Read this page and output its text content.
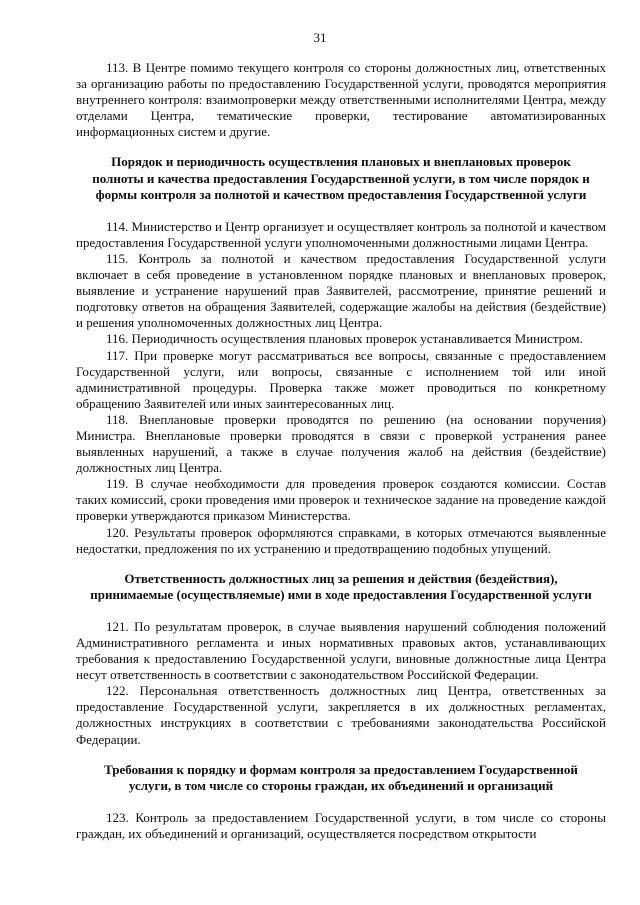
31

113. В Центре помимо текущего контроля со стороны должностных лиц, ответственных за организацию работы по предоставлению Государственной услуги, проводятся мероприятия внутреннего контроля: взаимопроверки между ответственными исполнителями Центра, между отделами Центра, тематические проверки, тестирование автоматизированных информационных систем и другие.

Порядок и периодичность осуществления плановых и внеплановых проверок полноты и качества предоставления Государственной услуги, в том числе порядок и формы контроля за полнотой и качеством предоставления Государственной услуги

114. Министерство и Центр организует и осуществляет контроль за полнотой и качеством предоставления Государственной услуги уполномоченными должностными лицами Центра.

115. Контроль за полнотой и качеством предоставления Государственной услуги включает в себя проведение в установленном порядке плановых и внеплановых проверок, выявление и устранение нарушений прав Заявителей, рассмотрение, принятие решений и подготовку ответов на обращения Заявителей, содержащие жалобы на действия (бездействие) и решения уполномоченных должностных лиц Центра.

116. Периодичность осуществления плановых проверок устанавливается Министром.

117. При проверке могут рассматриваться все вопросы, связанные с предоставлением Государственной услуги, или вопросы, связанные с исполнением той или иной административной процедуры. Проверка также может проводиться по конкретному обращению Заявителей или иных заинтересованных лиц.

118. Внеплановые проверки проводятся по решению (на основании поручения) Министра. Внеплановые проверки проводятся в связи с проверкой устранения ранее выявленных нарушений, а также в случае получения жалоб на действия (бездействие) должностных лиц Центра.

119. В случае необходимости для проведения проверок создаются комиссии. Состав таких комиссий, сроки проведения ими проверок и техническое задание на проведение каждой проверки утверждаются приказом Министерства.

120. Результаты проверок оформляются справками, в которых отмечаются выявленные недостатки, предложения по их устранению и предотвращению подобных упущений.

Ответственность должностных лиц за решения и действия (бездействия), принимаемые (осуществляемые) ими в ходе предоставления Государственной услуги

121. По результатам проверок, в случае выявления нарушений соблюдения положений Административного регламента и иных нормативных правовых актов, устанавливающих требования к предоставлению Государственной услуги, виновные должностные лица Центра несут ответственность в соответствии с законодательством Российской Федерации.

122. Персональная ответственность должностных лиц Центра, ответственных за предоставление Государственной услуги, закрепляется в их должностных регламентах, должностных инструкциях в соответствии с требованиями законодательства Российской Федерации.

Требования к порядку и формам контроля за предоставлением Государственной услуги, в том числе со стороны граждан, их объединений и организаций

123. Контроль за предоставлением Государственной услуги, в том числе со стороны граждан, их объединений и организаций, осуществляется посредством открытости
